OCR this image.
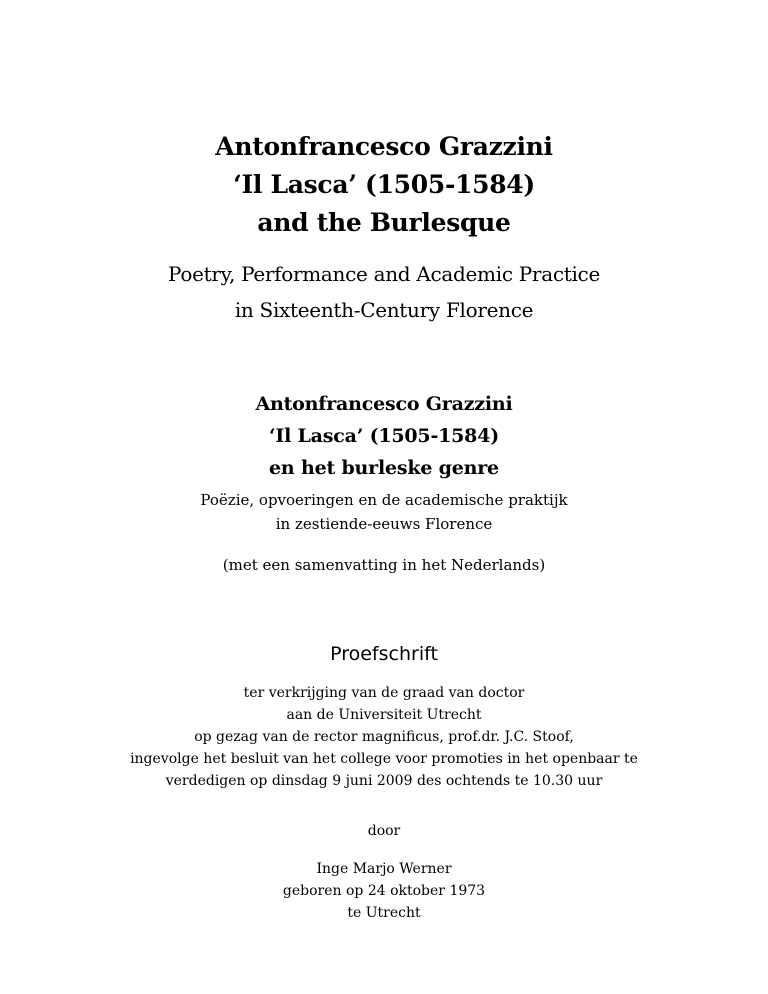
Antonfrancesco Grazzini
‘Il Lasca’ (1505-1584)
and the Burlesque
Poetry, Performance and Academic Practice
in Sixteenth-Century Florence
Antonfrancesco Grazzini
‘Il Lasca’ (1505-1584)
en het burleske genre
Poëzie, opvoeringen en de academische praktijk
in zestiende-eeuws Florence
(met een samenvatting in het Nederlands)
Proefschrift
ter verkrijging van de graad van doctor
aan de Universiteit Utrecht
op gezag van de rector magnificus, prof.dr. J.C. Stoof,
ingevolge het besluit van het college voor promoties in het openbaar te
verdedigen op dinsdag 9 juni 2009 des ochtends te 10.30 uur
door
Inge Marjo Werner
geboren op 24 oktober 1973
te Utrecht
